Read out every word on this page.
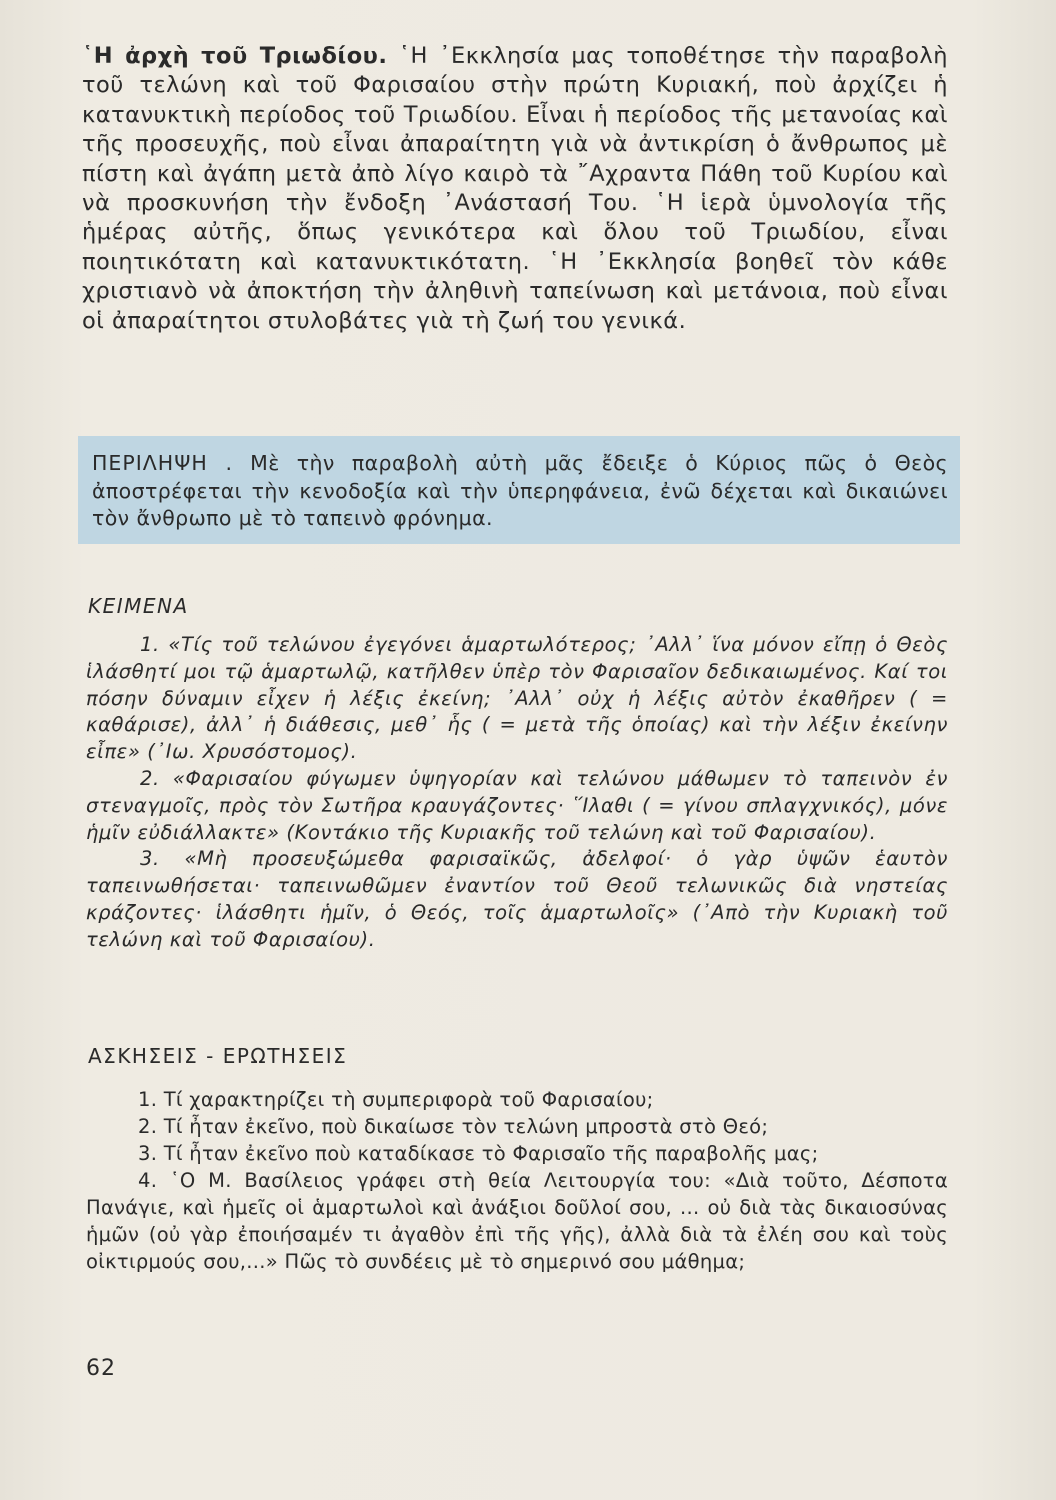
῾Η ἀρχὴ τοῦ Τριωδίου. ῾Η ᾿Εκκλησία μας τοποθέτησε τὴν παραβολὴ τοῦ τελώνη καὶ τοῦ Φαρισαίου στὴν πρώτη Κυριακή, ποὺ ἀρχίζει ἡ κατανυκτικὴ περίοδος τοῦ Τριωδίου. Εἶναι ἡ περίοδος τῆς μετανοίας καὶ τῆς προσευχῆς, ποὺ εἶναι ἀπαραίτητη γιὰ νὰ ἀντικρίση ὁ ἄνθρωπος μὲ πίστη καὶ ἀγάπη μετὰ ἀπὸ λίγο καιρὸ τὰ ῎Αχραντα Πάθη τοῦ Κυρίου καὶ νὰ προσκυνήση τὴν ἔνδοξη ᾿Ανάστασή Του. ῾Η ἱερὰ ὑμνολογία τῆς ἡμέρας αὐτῆς, ὅπως γενικότερα καὶ ὅλου τοῦ Τριωδίου, εἶναι ποιητικότατη καὶ κατανυκτικότατη. ῾Η ᾿Εκκλησία βοηθεῖ τὸν κάθε χριστιανὸ νὰ ἀποκτήση τὴν ἀληθινὴ ταπείνωση καὶ μετάνοια, ποὺ εἶναι οἱ ἀπαραίτητοι στυλοβάτες γιὰ τὴ ζωή του γενικά.

ΠΕΡΙΛΗΨΗ . Μὲ τὴν παραβολὴ αὐτὴ μᾶς ἔδειξε ὁ Κύριος πῶς ὁ Θεὸς ἀποστρέφεται τὴν κενοδοξία καὶ τὴν ὑπερηφάνεια, ἐνῶ δέχεται καὶ δικαιώνει τὸν ἄνθρωπο μὲ τὸ ταπεινὸ φρόνημα.

ΚΕΙΜΕΝΑ

1. «Τίς τοῦ τελώνου ἐγεγόνει ἁμαρτωλότερος; ᾿Αλλ᾿ ἵνα μόνον εἴπῃ ὁ Θεὸς ἱλάσθητί μοι τῷ ἁμαρτωλῷ, κατῆλθεν ὑπὲρ τὸν Φαρισαῖον δεδικαιωμένος. Καί τοι πόσην δύναμιν εἶχεν ἡ λέξις ἐκείνη; ᾿Αλλ᾿ οὐχ ἡ λέξις αὐτὸν ἐκαθῆρεν ( = καθάρισε), ἀλλ᾿ ἡ διάθεσις, μεθ᾿ ἧς ( = μετὰ τῆς ὁποίας) καὶ τὴν λέξιν ἐκείνην εἶπε» (᾿Ιω. Χρυσόστομος).

2. «Φαρισαίου φύγωμεν ὑψηγορίαν καὶ τελώνου μάθωμεν τὸ ταπεινὸν ἐν στεναγμοῖς, πρὸς τὸν Σωτῆρα κραυγάζοντες· ῞Ιλαθι ( = γίνου σπλαγχνικός), μόνε ἡμῖν εὐδιάλλακτε» (Κοντάκιο τῆς Κυριακῆς τοῦ τελώνη καὶ τοῦ Φαρισαίου).

3. «Μὴ προσευξώμεθα φαρισαϊκῶς, ἀδελφοί· ὁ γὰρ ὑψῶν ἑαυτὸν ταπεινωθήσεται· ταπεινωθῶμεν ἐναντίον τοῦ Θεοῦ τελωνικῶς διὰ νηστείας κράζοντες· ἱλάσθητι ἡμῖν, ὁ Θεός, τοῖς ἁμαρτωλοῖς» (᾿Απὸ τὴν Κυριακὴ τοῦ τελώνη καὶ τοῦ Φαρισαίου).

ΑΣΚΗΣΕΙΣ - ΕΡΩΤΗΣΕΙΣ

1. Τί χαρακτηρίζει τὴ συμπεριφορὰ τοῦ Φαρισαίου;

2. Τί ἦταν ἐκεῖνο, ποὺ δικαίωσε τὸν τελώνη μπροστὰ στὸ Θεό;

3. Τί ἦταν ἐκεῖνο ποὺ καταδίκασε τὸ Φαρισαῖο τῆς παραβολῆς μας;

4. ῾Ο Μ. Βασίλειος γράφει στὴ θεία Λειτουργία του: «Διὰ τοῦτο, Δέσποτα Πανάγιε, καὶ ἡμεῖς οἱ ἁμαρτωλοὶ καὶ ἀνάξιοι δοῦλοί σου, ... οὐ διὰ τὰς δικαιοσύνας ἡμῶν (οὐ γὰρ ἐποιήσαμέν τι ἀγαθὸν ἐπὶ τῆς γῆς), ἀλλὰ διὰ τὰ ἐλέη σου καὶ τοὺς οἰκτιρμούς σου,...» Πῶς τὸ συνδέεις μὲ τὸ σημερινό σου μάθημα;

62
